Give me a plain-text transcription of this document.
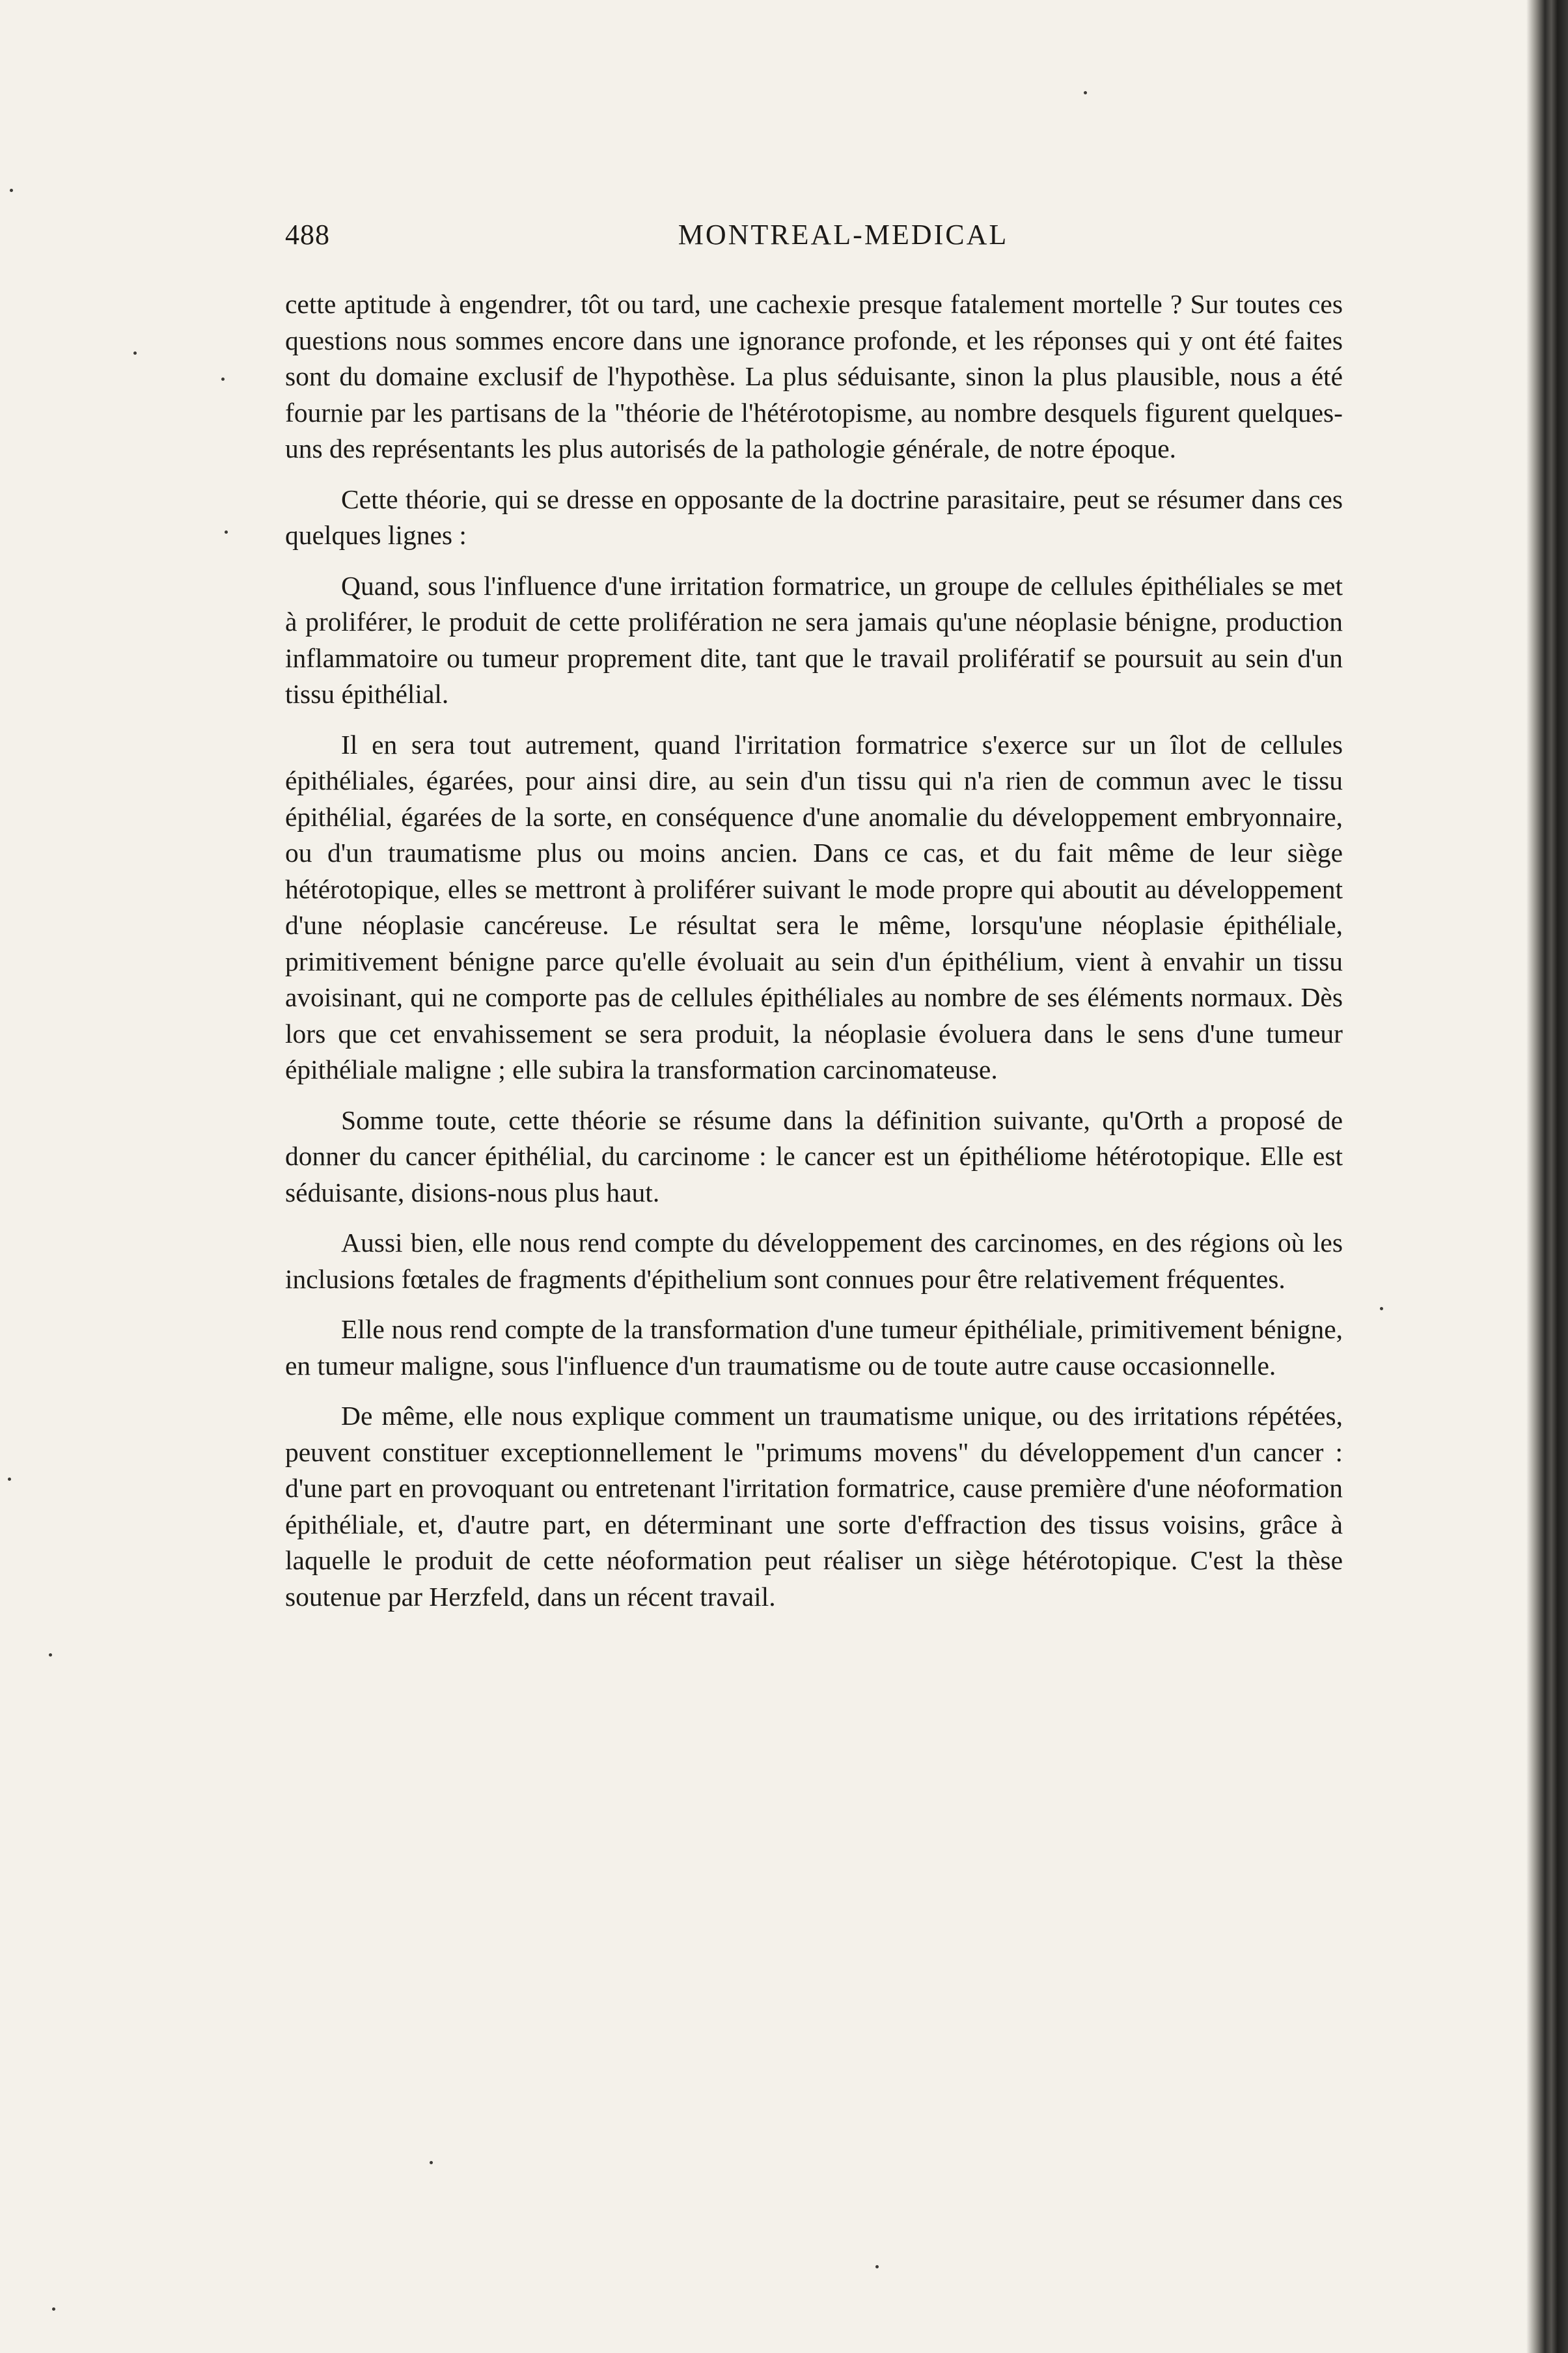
488	MONTREAL-MEDICAL

cette aptitude à engendrer, tôt ou tard, une cachexie presque fatalement mortelle ? Sur toutes ces questions nous sommes encore dans une ignorance profonde, et les réponses qui y ont été faites sont du domaine exclusif de l'hypothèse. La plus séduisante, sinon la plus plausible, nous a été fournie par les partisans de la "théorie de l'hétérotopisme, au nombre desquels figurent quelques-uns des représentants les plus autorisés de la pathologie générale, de notre époque.

Cette théorie, qui se dresse en opposante de la doctrine parasitaire, peut se résumer dans ces quelques lignes :

Quand, sous l'influence d'une irritation formatrice, un groupe de cellules épithéliales se met à proliférer, le produit de cette prolifération ne sera jamais qu'une néoplasie bénigne, production inflammatoire ou tumeur proprement dite, tant que le travail prolifératif se poursuit au sein d'un tissu épithélial.

Il en sera tout autrement, quand l'irritation formatrice s'exerce sur un îlot de cellules épithéliales, égarées, pour ainsi dire, au sein d'un tissu qui n'a rien de commun avec le tissu épithélial, égarées de la sorte, en conséquence d'une anomalie du développement embryonnaire, ou d'un traumatisme plus ou moins ancien. Dans ce cas, et du fait même de leur siège hétérotopique, elles se mettront à proliférer suivant le mode propre qui aboutit au développement d'une néoplasie cancéreuse. Le résultat sera le même, lorsqu'une néoplasie épithéliale, primitivement bénigne parce qu'elle évoluait au sein d'un épithélium, vient à envahir un tissu avoisinant, qui ne comporte pas de cellules épithéliales au nombre de ses éléments normaux. Dès lors que cet envahissement se sera produit, la néoplasie évoluera dans le sens d'une tumeur épithéliale maligne ; elle subira la transformation carcinomateuse.

Somme toute, cette théorie se résume dans la définition suivante, qu'Orth a proposé de donner du cancer épithélial, du carcinome : le cancer est un épithéliome hétérotopique. Elle est séduisante, disions-nous plus haut.

Aussi bien, elle nous rend compte du développement des carcinomes, en des régions où les inclusions fœtales de fragments d'épithelium sont connues pour être relativement fréquentes.

Elle nous rend compte de la transformation d'une tumeur épithéliale, primitivement bénigne, en tumeur maligne, sous l'influence d'un traumatisme ou de toute autre cause occasionnelle.

De même, elle nous explique comment un traumatisme unique, ou des irritations répétées, peuvent constituer exceptionnellement le "primums movens" du développement d'un cancer : d'une part en provoquant ou entretenant l'irritation formatrice, cause première d'une néoformation épithéliale, et, d'autre part, en déterminant une sorte d'effraction des tissus voisins, grâce à laquelle le produit de cette néoformation peut réaliser un siège hétérotopique. C'est la thèse soutenue par Herzfeld, dans un récent travail.
